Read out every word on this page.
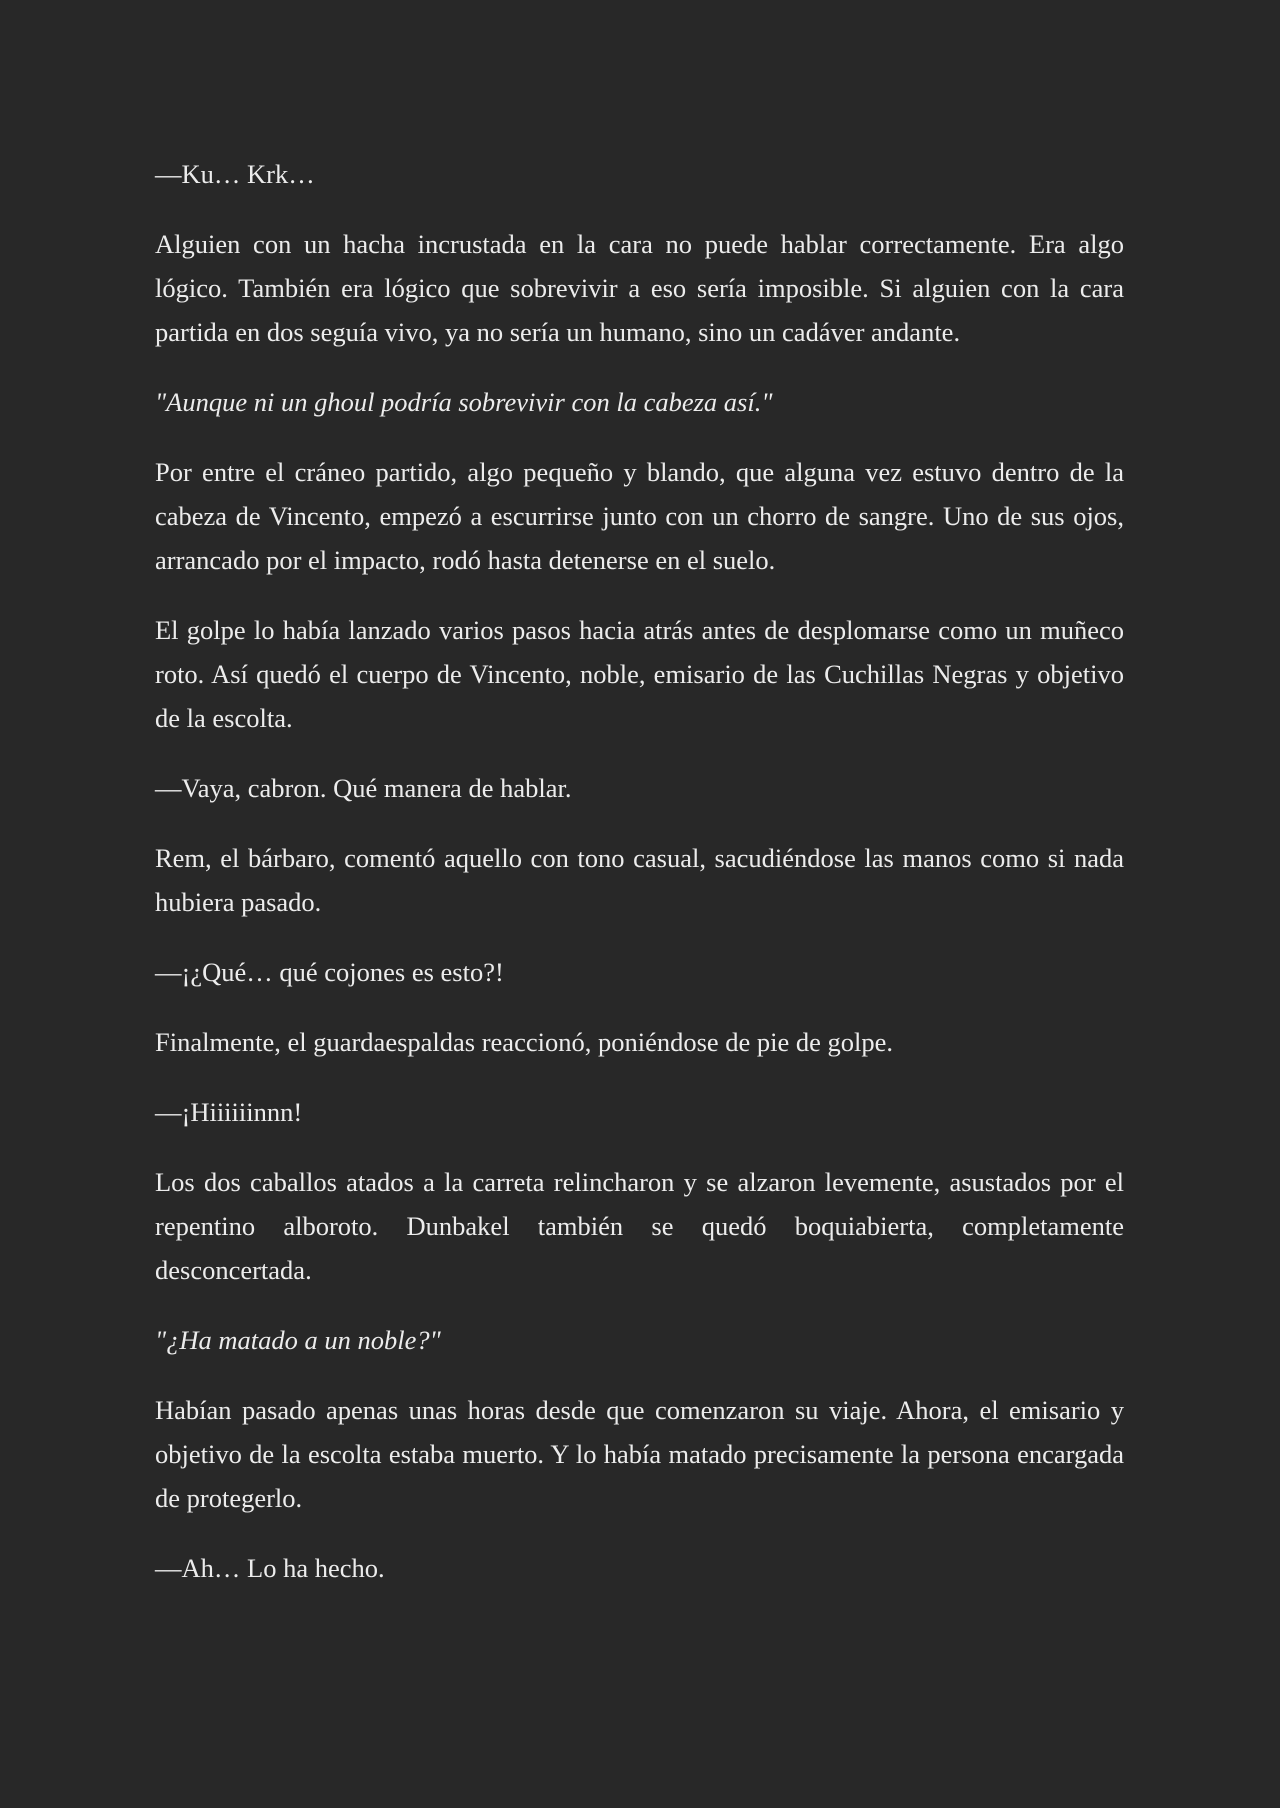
—Ku… Krk…

Alguien con un hacha incrustada en la cara no puede hablar correctamente. Era algo lógico. También era lógico que sobrevivir a eso sería imposible. Si alguien con la cara partida en dos seguía vivo, ya no sería un humano, sino un cadáver andante.

"Aunque ni un ghoul podría sobrevivir con la cabeza así."

Por entre el cráneo partido, algo pequeño y blando, que alguna vez estuvo dentro de la cabeza de Vincento, empezó a escurrirse junto con un chorro de sangre. Uno de sus ojos, arrancado por el impacto, rodó hasta detenerse en el suelo.

El golpe lo había lanzado varios pasos hacia atrás antes de desplomarse como un muñeco roto. Así quedó el cuerpo de Vincento, noble, emisario de las Cuchillas Negras y objetivo de la escolta.

—Vaya, cabron. Qué manera de hablar.

Rem, el bárbaro, comentó aquello con tono casual, sacudiéndose las manos como si nada hubiera pasado.

—¡¿Qué… qué cojones es esto?!

Finalmente, el guardaespaldas reaccionó, poniéndose de pie de golpe.

—¡Hiiiiiinnn!

Los dos caballos atados a la carreta relincharon y se alzaron levemente, asustados por el repentino alboroto. Dunbakel también se quedó boquiabierta, completamente desconcertada.

"¿Ha matado a un noble?"

Habían pasado apenas unas horas desde que comenzaron su viaje. Ahora, el emisario y objetivo de la escolta estaba muerto. Y lo había matado precisamente la persona encargada de protegerlo.

—Ah… Lo ha hecho.
